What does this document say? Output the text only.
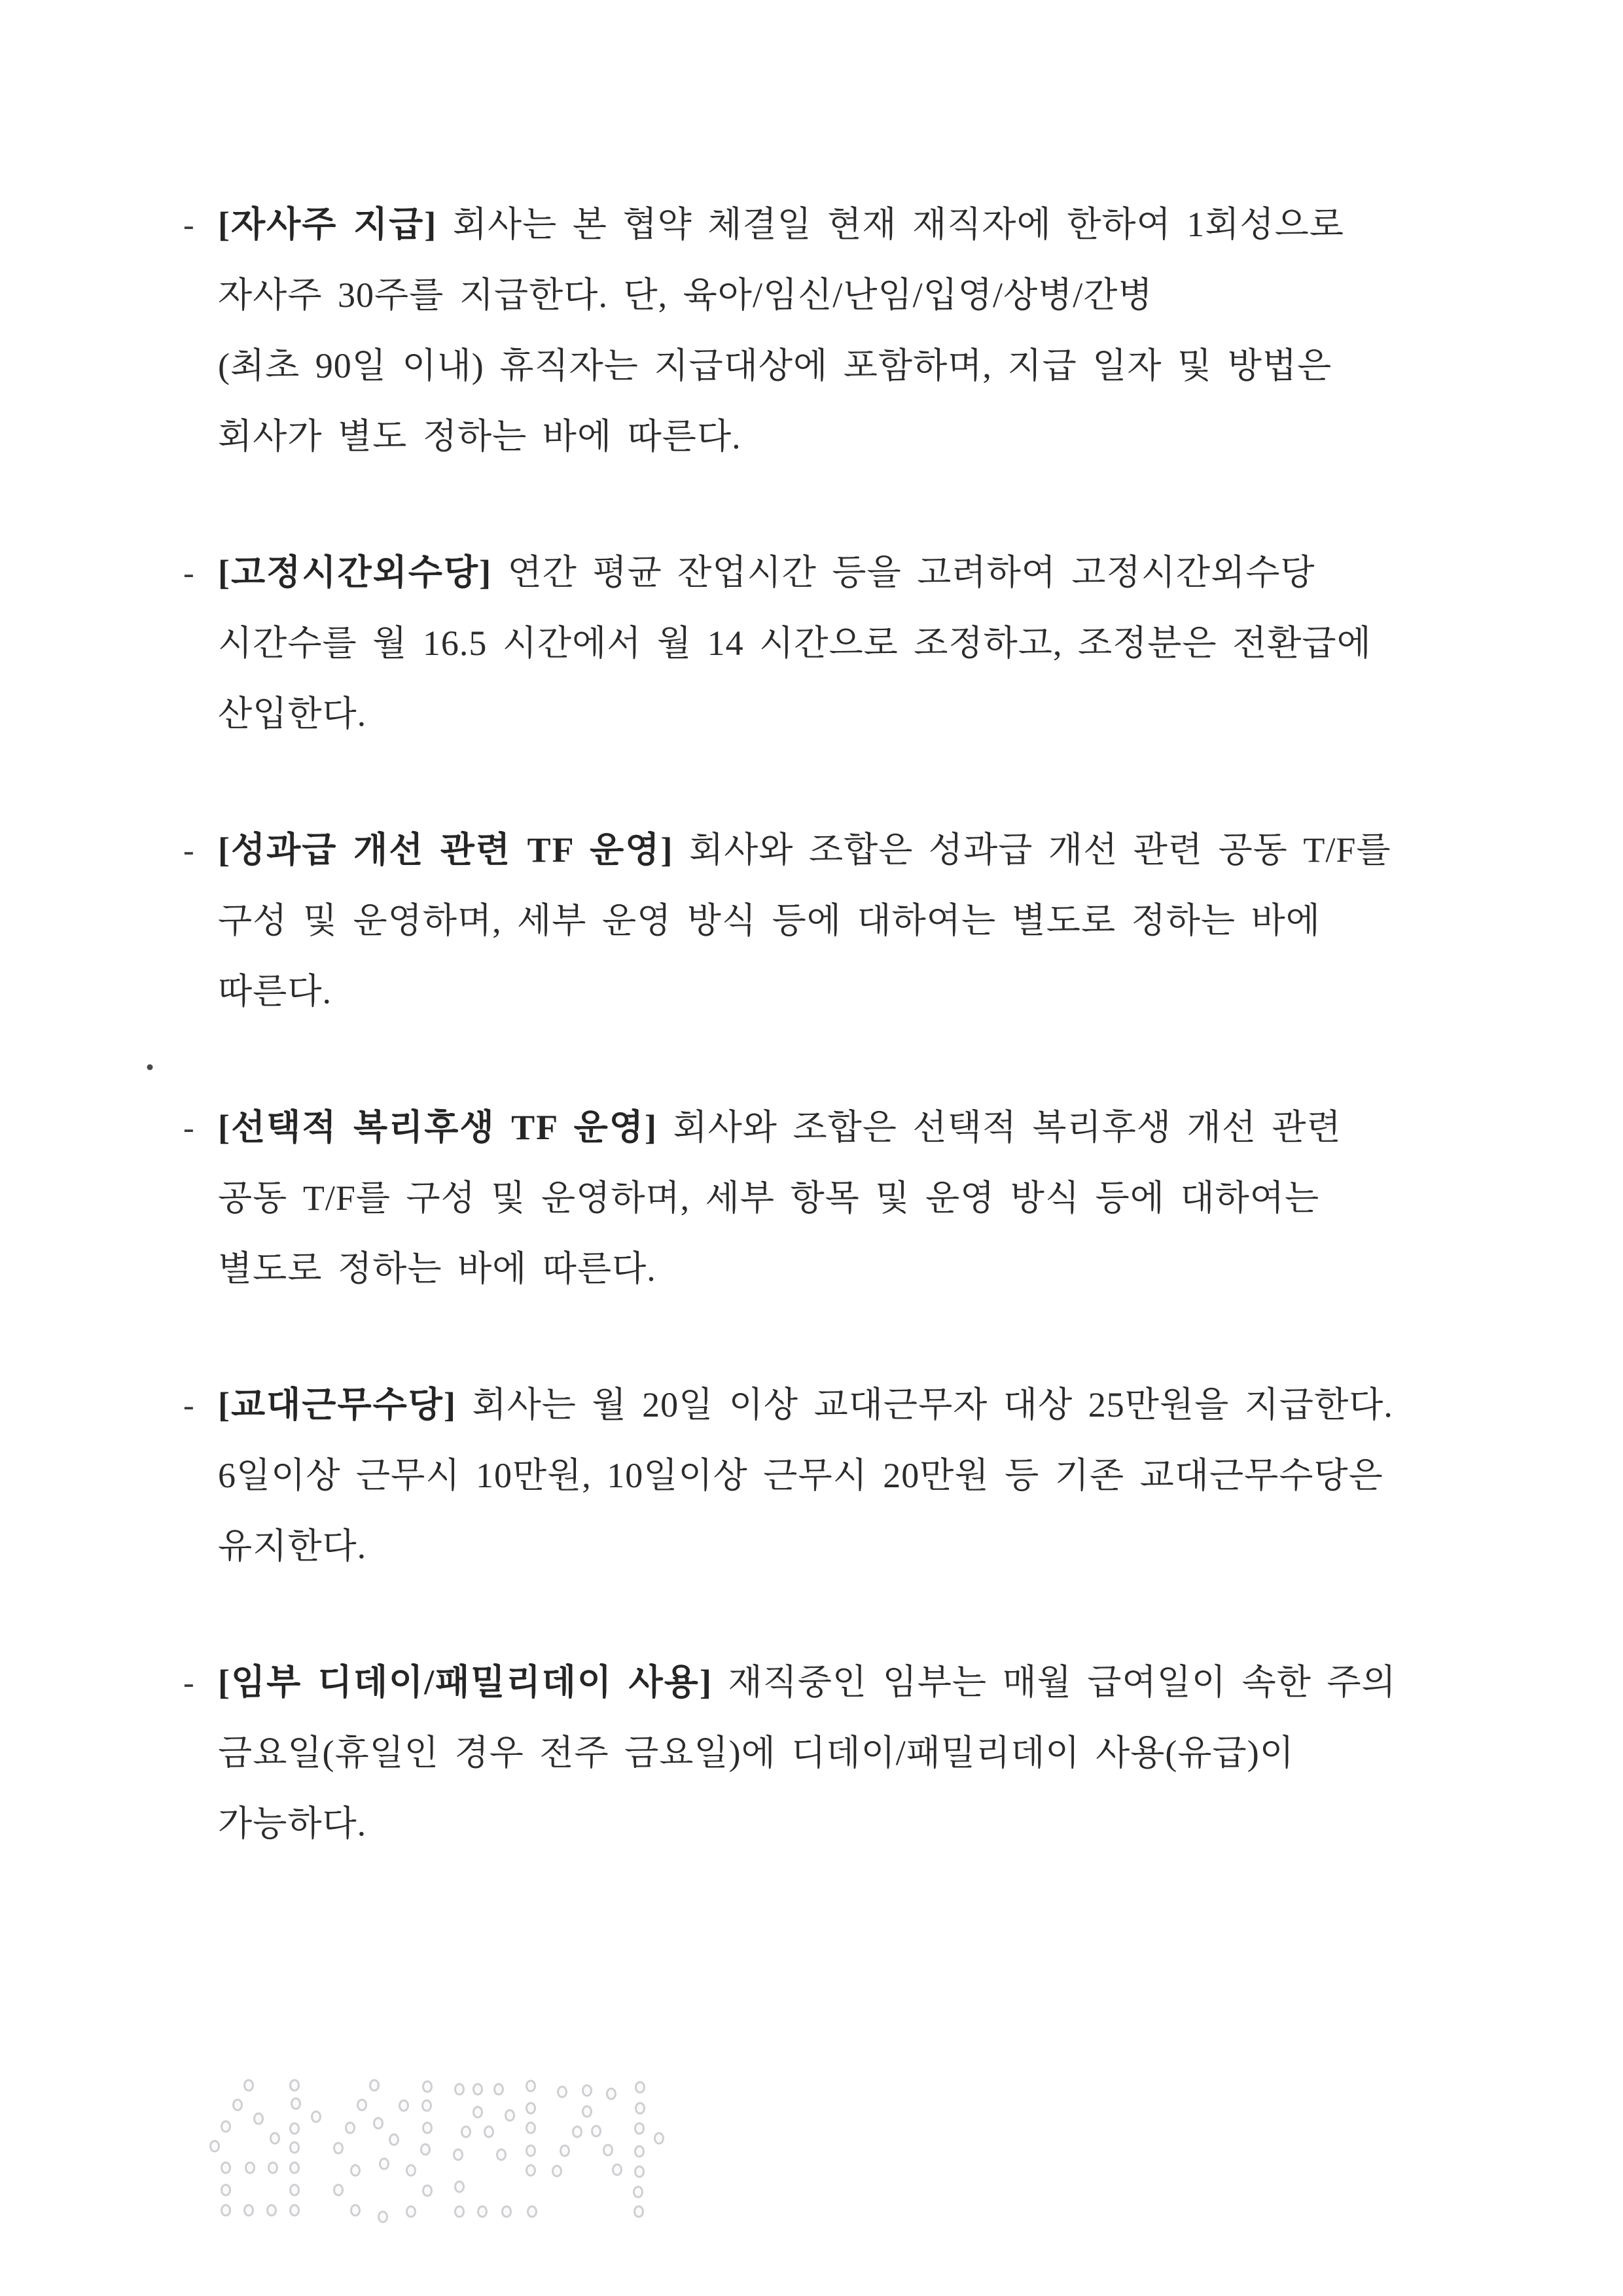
- [자사주 지급] 회사는 본 협약 체결일 현재 재직자에 한하여 1회성으로
자사주 30주를 지급한다. 단, 육아/임신/난임/입영/상병/간병
(최초 90일 이내) 휴직자는 지급대상에 포함하며, 지급 일자 및 방법은
회사가 별도 정하는 바에 따른다.
- [고정시간외수당] 연간 평균 잔업시간 등을 고려하여 고정시간외수당
시간수를 월 16.5 시간에서 월 14 시간으로 조정하고, 조정분은 전환급에
산입한다.
- [성과급 개선 관련 TF 운영] 회사와 조합은 성과급 개선 관련 공동 T/F를
구성 및 운영하며, 세부 운영 방식 등에 대하여는 별도로 정하는 바에
따른다.
- [선택적 복리후생 TF 운영] 회사와 조합은 선택적 복리후생 개선 관련
공동 T/F를 구성 및 운영하며, 세부 항목 및 운영 방식 등에 대하여는
별도로 정하는 바에 따른다.
- [교대근무수당] 회사는 월 20일 이상 교대근무자 대상 25만원을 지급한다.
6일이상 근무시 10만원, 10일이상 근무시 20만원 등 기존 교대근무수당은
유지한다.
- [임부 디데이/패밀리데이 사용] 재직중인 임부는 매월 급여일이 속한 주의
금요일(휴일인 경우 전주 금요일)에 디데이/패밀리데이 사용(유급)이
가능하다.
